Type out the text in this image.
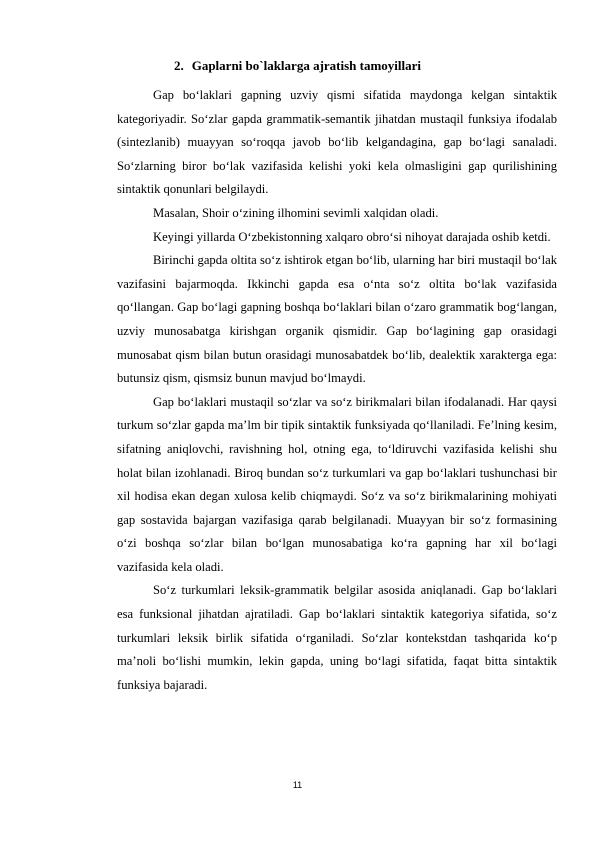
2. Gaplarni bo`laklarga ajratish tamoyillari

Gap bo‘laklari gapning uzviy qismi sifatida maydonga kelgan sintaktik kategoriyadir. So‘zlar gapda grammatik-semantik jihatdan mustaqil funksiya ifodalab (sintezlanib) muayyan so‘roqqa javob bo‘lib kelgandagina, gap bo‘lagi sanaladi. So‘zlarning biror bo‘lak vazifasida kelishi yoki kela olmasligini gap qurilishining sintaktik qonunlari belgilaydi.

Masalan, Shoir o‘zining ilhomini sevimli xalqidan oladi.

Keyingi yillarda O‘zbekistonning xalqaro obro‘si nihoyat darajada oshib ketdi.

Birinchi gapda oltita so‘z ishtirok etgan bo‘lib, ularning har biri mustaqil bo‘lak vazifasini bajarmoqda. Ikkinchi gapda esa o‘nta so‘z oltita bo‘lak vazifasida qo‘llangan. Gap bo‘lagi gapning boshqa bo‘laklari bilan o‘zaro grammatik bog‘langan, uzviy munosabatga kirishgan organik qismidir. Gap bo‘lagining gap orasidagi munosabat qism bilan butun orasidagi munosabatdek bo‘lib, dealektik xarakterga ega: butunsiz qism, qismsiz bunun mavjud bo‘lmaydi.

Gap bo‘laklari mustaqil so‘zlar va so‘z birikmalari bilan ifodalanadi. Har qaysi turkum so‘zlar gapda ma’lm bir tipik sintaktik funksiyada qo‘llaniladi. Fe’lning kesim, sifatning aniqlovchi, ravishning hol, otning ega, to‘ldiruvchi vazifasida kelishi shu holat bilan izohlanadi. Biroq bundan so‘z turkumlari va gap bo‘laklari tushunchasi bir xil hodisa ekan degan xulosa kelib chiqmaydi. So‘z va so‘z birikmalarining mohiyati gap sostavida bajargan vazifasiga qarab belgilanadi. Muayyan bir so‘z formasining o‘zi boshqa so‘zlar bilan bo‘lgan munosabatiga ko‘ra gapning har xil bo‘lagi vazifasida kela oladi.

So‘z turkumlari leksik-grammatik belgilar asosida aniqlanadi. Gap bo‘laklari esa funksional jihatdan ajratiladi. Gap bo‘laklari sintaktik kategoriya sifatida, so‘z turkumlari leksik birlik sifatida o‘rganiladi. So‘zlar kontekstdan tashqarida ko‘p ma’noli bo‘lishi mumkin, lekin gapda, uning bo‘lagi sifatida, faqat bitta sintaktik funksiya bajaradi.

11
